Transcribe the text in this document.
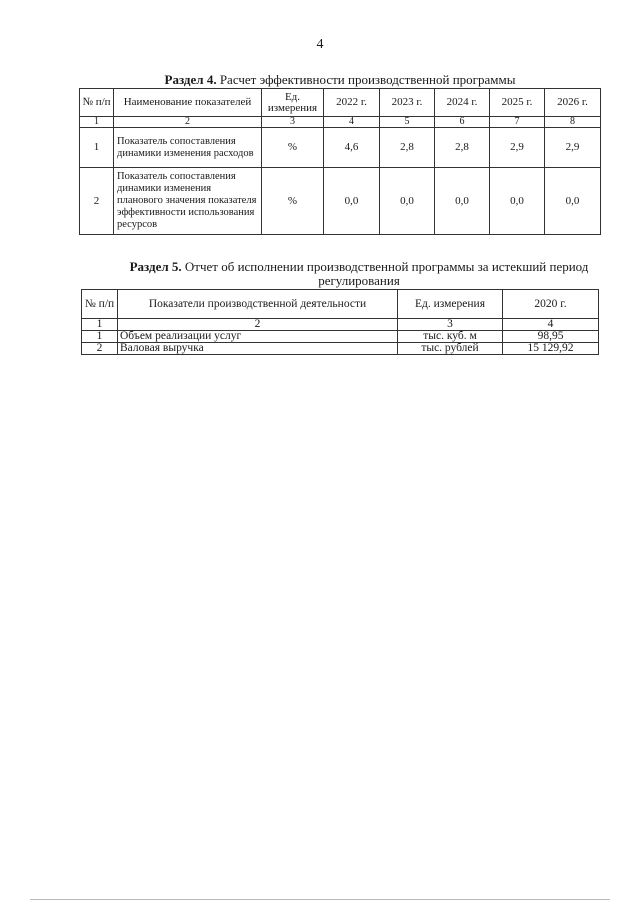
4
Раздел 4. Расчет эффективности производственной программы
№ п/п	Наименование показателей	Ед. измерения	2022 г.	2023 г.	2024 г.	2025 г.	2026 г.
1	2	3	4	5	6	7	8
1	Показатель сопоставления динамики изменения расходов	%	4,6	2,8	2,8	2,9	2,9
2	Показатель сопоставления динамики изменения планового значения показателя эффективности использования ресурсов	%	0,0	0,0	0,0	0,0	0,0
Раздел 5. Отчет об исполнении производственной программы за истекший период регулирования
№ п/п	Показатели производственной деятельности	Ед. измерения	2020 г.
1	2	3	4
1	Объем реализации услуг	тыс. куб. м	98,95
2	Валовая выручка	тыс. рублей	15 129,92
